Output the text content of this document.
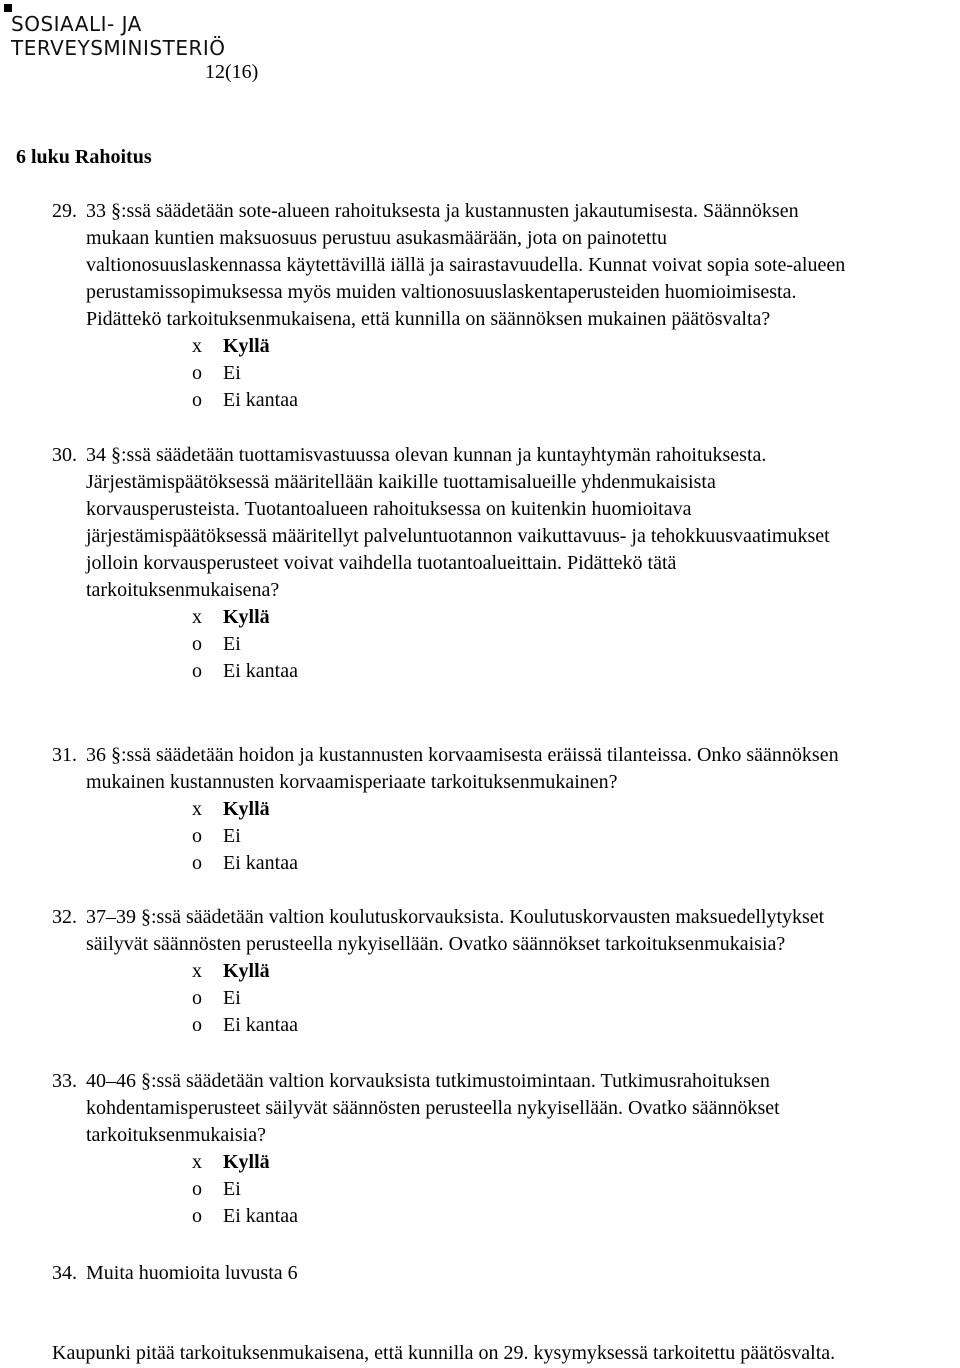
SOSIAALI- JA
TERVEYSMINISTERIÖ
12(16)
6 luku Rahoitus
29. 33 §:ssä säädetään sote-alueen rahoituksesta ja kustannusten jakautumisesta. Säännöksen
mukaan kuntien maksuosuus perustuu asukasmäärään, jota on painotettu
valtionosuuslaskennassa käytettävillä iällä ja sairastavuudella. Kunnat voivat sopia sote-alueen
perustamissopimuksessa myös muiden valtionosuuslaskentaperusteiden huomioimisesta.
Pidättekö tarkoituksenmukaisena, että kunnilla on säännöksen mukainen päätösvalta?
x Kyllä
o Ei
o Ei kantaa
30. 34 §:ssä säädetään tuottamisvastuussa olevan kunnan ja kuntayhtymän rahoituksesta.
Järjestämispäätöksessä määritellään kaikille tuottamisalueille yhdenmukaisista
korvausperusteista. Tuotantoalueen rahoituksessa on kuitenkin huomioitava
järjestämispäätöksessä määritellyt palveluntuotannon vaikuttavuus- ja tehokkuusvaatimukset
jolloin korvausperusteet voivat vaihdella tuotantoalueittain. Pidättekö tätä
tarkoituksenmukaisena?
x Kyllä
o Ei
o Ei kantaa
31. 36 §:ssä säädetään hoidon ja kustannusten korvaamisesta eräissä tilanteissa. Onko säännöksen
mukainen kustannusten korvaamisperiaate tarkoituksenmukainen?
x Kyllä
o Ei
o Ei kantaa
32. 37–39 §:ssä säädetään valtion koulutuskorvauksista. Koulutuskorvausten maksuedellytykset
säilyvät säännösten perusteella nykyisellään. Ovatko säännökset tarkoituksenmukaisia?
x Kyllä
o Ei
o Ei kantaa
33. 40–46 §:ssä säädetään valtion korvauksista tutkimustoimintaan. Tutkimusrahoituksen
kohdentamisperusteet säilyvät säännösten perusteella nykyisellään. Ovatko säännökset
tarkoituksenmukaisia?
x Kyllä
o Ei
o Ei kantaa
34. Muita huomioita luvusta 6
Kaupunki pitää tarkoituksenmukaisena, että kunnilla on 29. kysymyksessä tarkoitettu päätösvalta.
